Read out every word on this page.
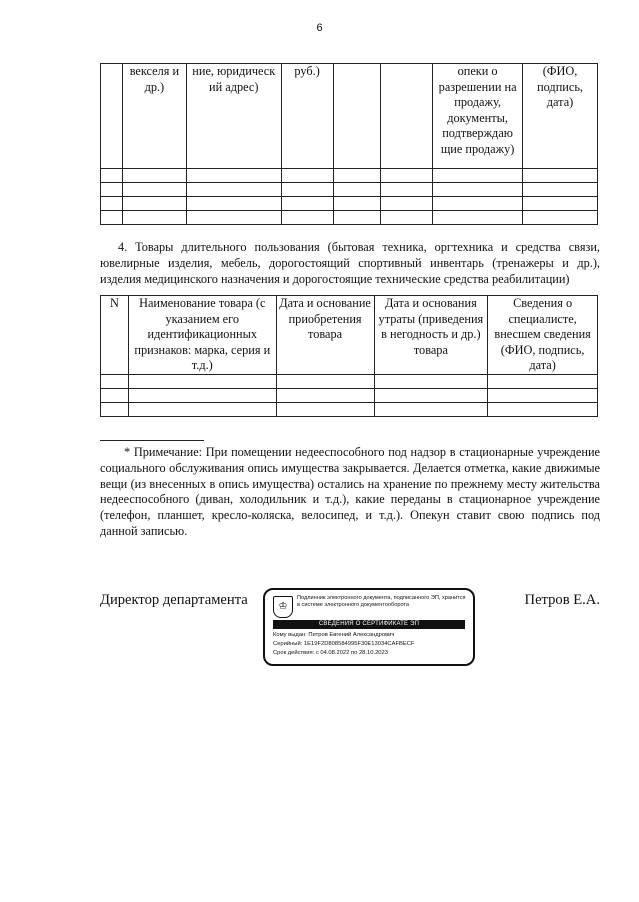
6
	векселя и др.)	ние, юридическ ий адрес)	руб.)			опеки о разрешении на продажу, документы, подтверждаю щие продажу)	(ФИО, подпись, дата)

4. Товары длительного пользования (бытовая техника, оргтехника и средства связи, ювелирные изделия, мебель, дорогостоящий спортивный инвентарь (тренажеры и др.), изделия медицинского назначения и дорогостоящие технические средства реабилитации)
N	Наименование товара (с указанием его идентификационных признаков: марка, серия и т.д.)	Дата и основание приобретения товара	Дата и основания утраты (приведения в негодность и др.) товара	Сведения о специалисте, внесшем сведения (ФИО, подпись, дата)

* Примечание: При помещении недееспособного под надзор в стационарные учреждение социального обслуживания опись имущества закрывается. Делается отметка, какие движимые вещи (из внесенных в опись имущества) остались на хранение по прежнему месту жительства недееспособного (диван, холодильник и т.д.), какие переданы в стационарное учреждение (телефон, планшет, кресло-коляска, велосипед, и т.д.). Опекун ставит свою подпись под данной записью.
Директор департамента	♔
Подлинник электронного документа, подписанного ЭП, хранится в системе электронного документооборота
СВЕДЕНИЯ О СЕРТИФИКАТЕ ЭП
Кому выдан: Петров Евгений Александрович
Серийный: 1E19F2D808584995F30E13034CAFBECF
Срок действия: с 04.08.2022 по 28.10.2023
Петров Е.А.
